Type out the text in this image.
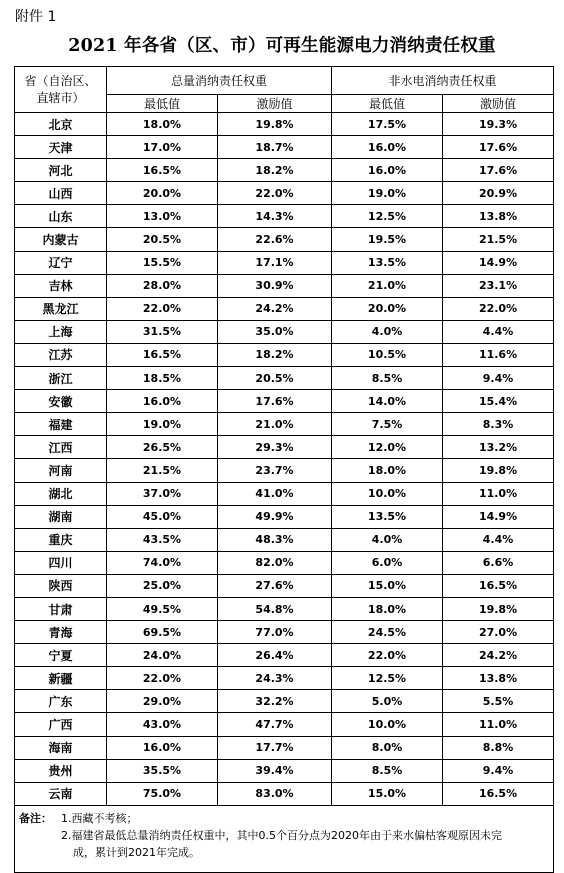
附件 1
2021 年各省（区、市）可再生能源电力消纳责任权重
省（自治区、
直辖市）	总量消纳责任权重		非水电消纳责任权重	
	最低值	激励值	最低值	激励值
北京	18.0%	19.8%	17.5%	19.3%
天津	17.0%	18.7%	16.0%	17.6%
河北	16.5%	18.2%	16.0%	17.6%
山西	20.0%	22.0%	19.0%	20.9%
山东	13.0%	14.3%	12.5%	13.8%
内蒙古	20.5%	22.6%	19.5%	21.5%
辽宁	15.5%	17.1%	13.5%	14.9%
吉林	28.0%	30.9%	21.0%	23.1%
黑龙江	22.0%	24.2%	20.0%	22.0%
上海	31.5%	35.0%	4.0%	4.4%
江苏	16.5%	18.2%	10.5%	11.6%
浙江	18.5%	20.5%	8.5%	9.4%
安徽	16.0%	17.6%	14.0%	15.4%
福建	19.0%	21.0%	7.5%	8.3%
江西	26.5%	29.3%	12.0%	13.2%
河南	21.5%	23.7%	18.0%	19.8%
湖北	37.0%	41.0%	10.0%	11.0%
湖南	45.0%	49.9%	13.5%	14.9%
重庆	43.5%	48.3%	4.0%	4.4%
四川	74.0%	82.0%	6.0%	6.6%
陕西	25.0%	27.6%	15.0%	16.5%
甘肃	49.5%	54.8%	18.0%	19.8%
青海	69.5%	77.0%	24.5%	27.0%
宁夏	24.0%	26.4%	22.0%	24.2%
新疆	22.0%	24.3%	12.5%	13.8%
广东	29.0%	32.2%	5.0%	5.5%
广西	43.0%	47.7%	10.0%	11.0%
海南	16.0%	17.7%	8.0%	8.8%
贵州	35.5%	39.4%	8.5%	9.4%
云南	75.0%	83.0%	15.0%	16.5%

备注： 1.西藏不考核；
2.福建省最低总量消纳责任权重中，其中0.5个百分点为2020年由于来水偏枯客观原因未完
成，累计到2021年完成。				
